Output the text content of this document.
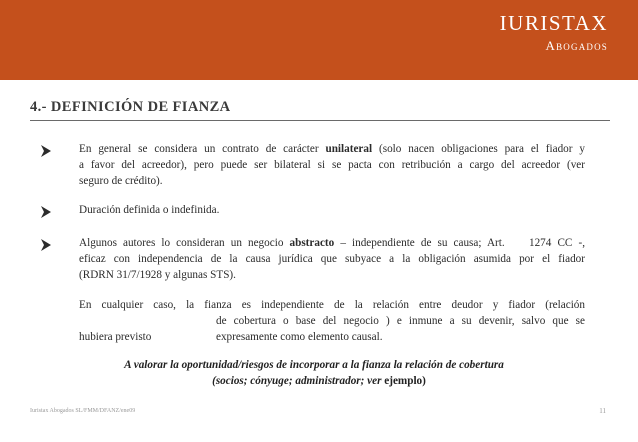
IURISTAX
Abogados
4.- DEFINICIÓN DE FIANZA
En general se considera un contrato de carácter unilateral (solo nacen obligaciones para el fiador y
a favor del acreedor), pero puede ser bilateral si se pacta con retribución a cargo del acreedor (ver
seguro de crédito).
Duración definida o indefinida.
Algunos autores lo consideran un negocio abstracto – independiente de su causa; Art.    1274 CC -,
eficaz con independencia de la causa jurídica que subyace a la obligación asumida por el fiador
(RDRN 31/7/1928 y algunas STS).
En cualquier caso, la fianza es independiente de la relación entre deudor y fiador (relación
de cobertura o base del negocio ) e inmune a su devenir, salvo que se
hubiera previsto	expresamente como elemento causal.
A valorar la oportunidad/riesgos de incorporar a la fianza la relación de cobertura
(socios; cónyuge; administrador; ver ejemplo)
Iuristax Abogados SL/FMM/DFANZ/ene09	11
